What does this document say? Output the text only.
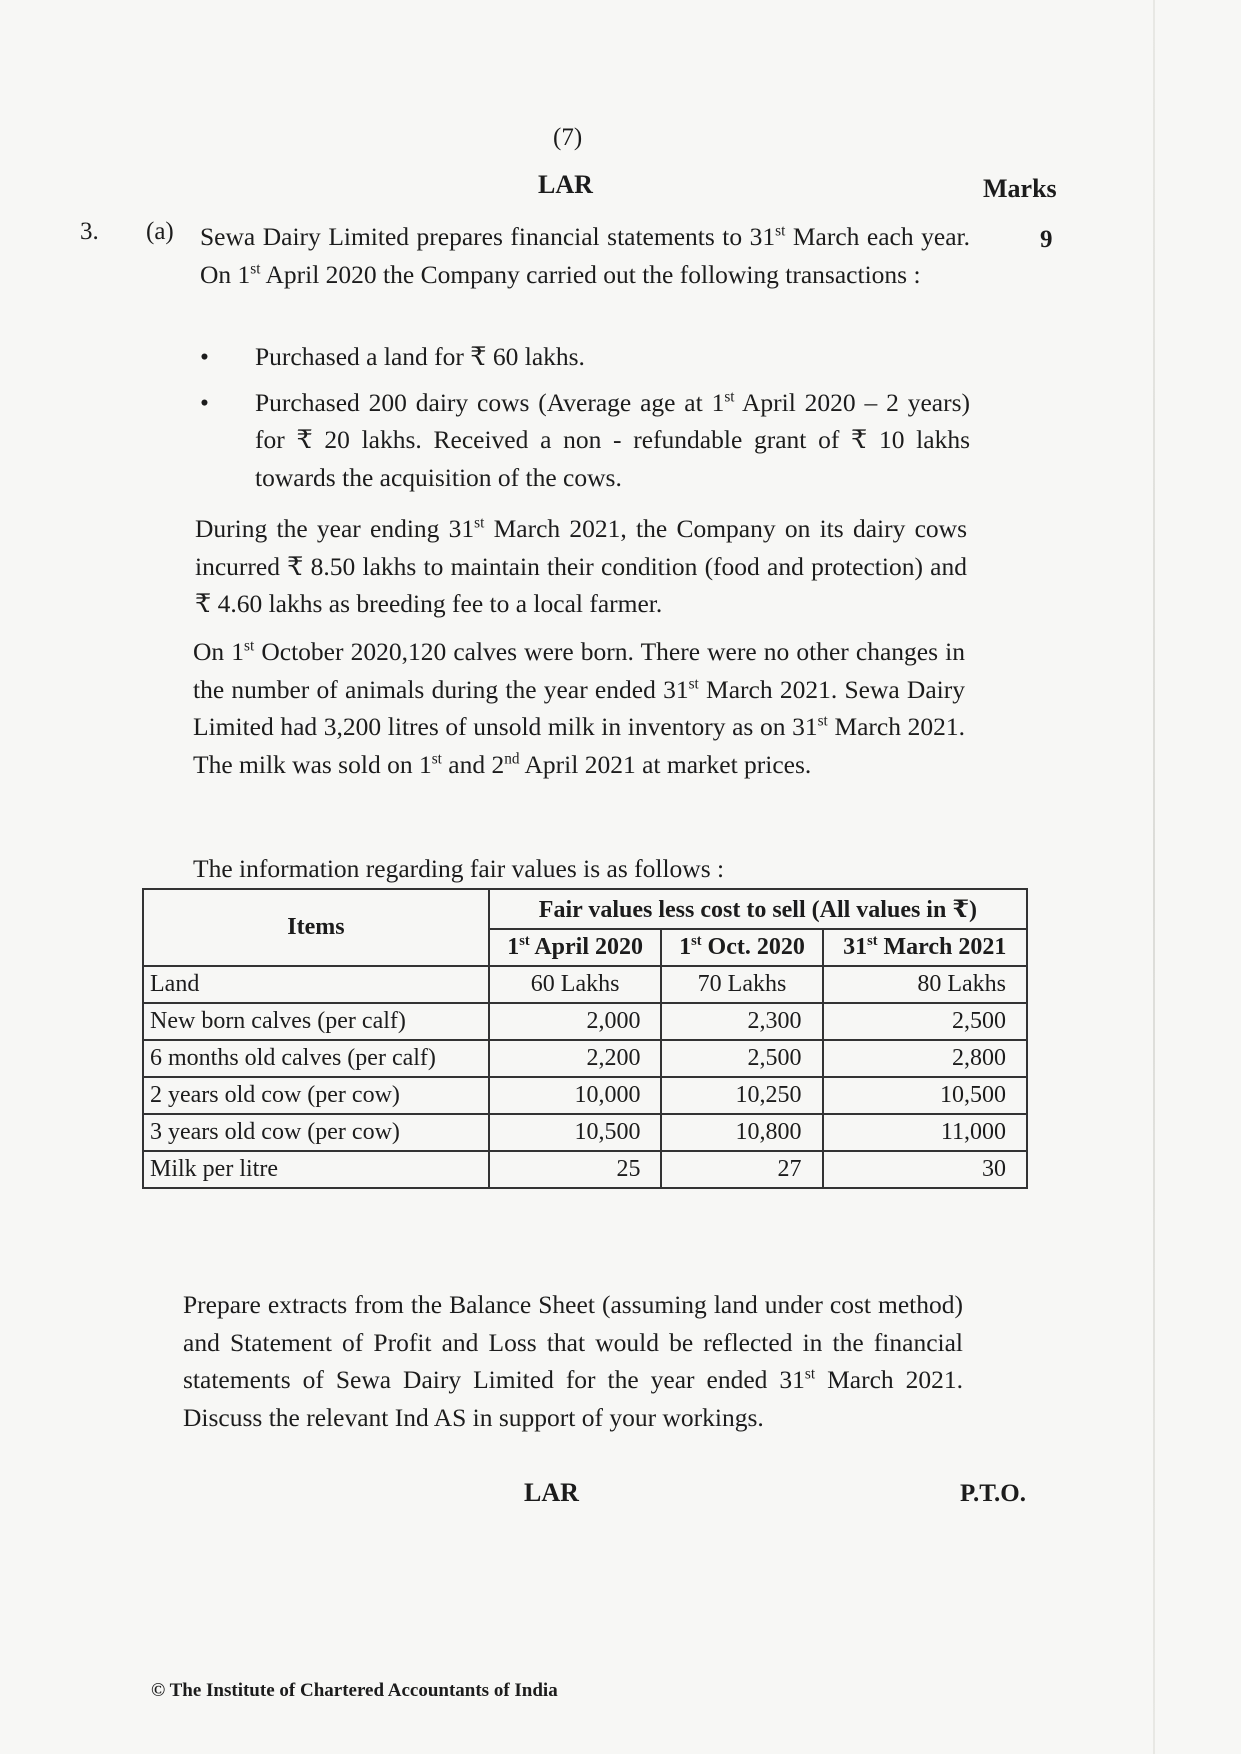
(7)
LAR	Marks
9
3. (a) Sewa Dairy Limited prepares financial statements to 31st March each year. On 1st April 2020 the Company carried out the following transactions :

• Purchased a land for ₹ 60 lakhs.
• Purchased 200 dairy cows (Average age at 1st April 2020 – 2 years) for ₹ 20 lakhs. Received a non - refundable grant of ₹ 10 lakhs towards the acquisition of the cows.

During the year ending 31st March 2021, the Company on its dairy cows incurred ₹ 8.50 lakhs to maintain their condition (food and protection) and ₹ 4.60 lakhs as breeding fee to a local farmer.

On 1st October 2020,120 calves were born. There were no other changes in the number of animals during the year ended 31st March 2021. Sewa Dairy Limited had 3,200 litres of unsold milk in inventory as on 31st March 2021. The milk was sold on 1st and 2nd April 2021 at market prices.

The information regarding fair values is as follows :

Items	Fair values less cost to sell (All values in ₹)		
	1st April 2020	1st Oct. 2020	31st March 2021
Land	60 Lakhs	70 Lakhs	80 Lakhs
New born calves (per calf)	2,000	2,300	2,500
6 months old calves (per calf)	2,200	2,500	2,800
2 years old cow (per cow)	10,000	10,250	10,500
3 years old cow (per cow)	10,500	10,800	11,000
Milk per litre	25	27	30

Prepare extracts from the Balance Sheet (assuming land under cost method) and Statement of Profit and Loss that would be reflected in the financial statements of Sewa Dairy Limited for the year ended 31st March 2021. Discuss the relevant Ind AS in support of your workings.

LAR	P.T.O.
© The Institute of Chartered Accountants of India
